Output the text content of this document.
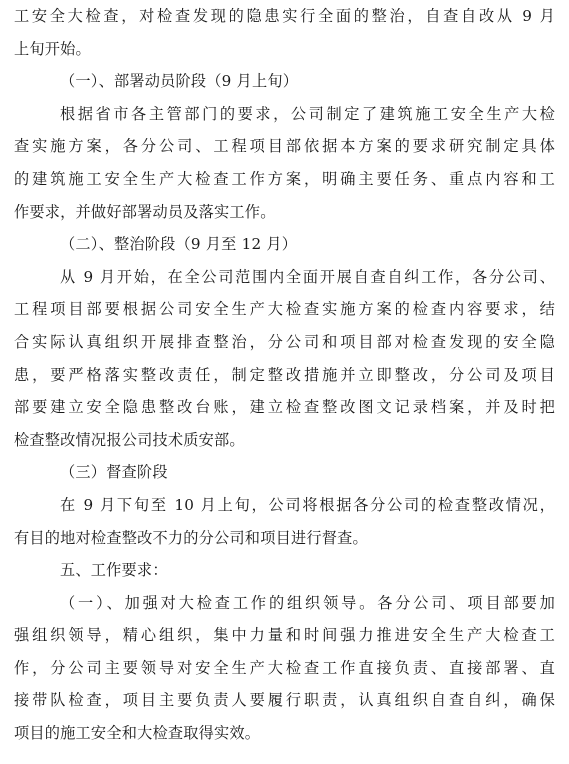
工安全大检查，对检查发现的隐患实行全面的整治，自查自改从 9 月
上旬开始。
（一）、部署动员阶段（9 月上旬）
根据省市各主管部门的要求，公司制定了建筑施工安全生产大检
查实施方案，各分公司、工程项目部依据本方案的要求研究制定具体
的建筑施工安全生产大检查工作方案，明确主要任务、重点内容和工
作要求，并做好部署动员及落实工作。
（二）、整治阶段（9 月至 12 月）
从 9 月开始，在全公司范围内全面开展自查自纠工作，各分公司、
工程项目部要根据公司安全生产大检查实施方案的检查内容要求，结
合实际认真组织开展排查整治，分公司和项目部对检查发现的安全隐
患，要严格落实整改责任，制定整改措施并立即整改，分公司及项目
部要建立安全隐患整改台账，建立检查整改图文记录档案，并及时把
检查整改情况报公司技术质安部。
（三）督查阶段
在 9 月下旬至 10 月上旬，公司将根据各分公司的检查整改情况，
有目的地对检查整改不力的分公司和项目进行督查。
五、工作要求：
（一）、加强对大检查工作的组织领导。各分公司、项目部要加
强组织领导，精心组织，集中力量和时间强力推进安全生产大检查工
作，分公司主要领导对安全生产大检查工作直接负责、直接部署、直
接带队检查，项目主要负责人要履行职责，认真组织自查自纠，确保
项目的施工安全和大检查取得实效。
